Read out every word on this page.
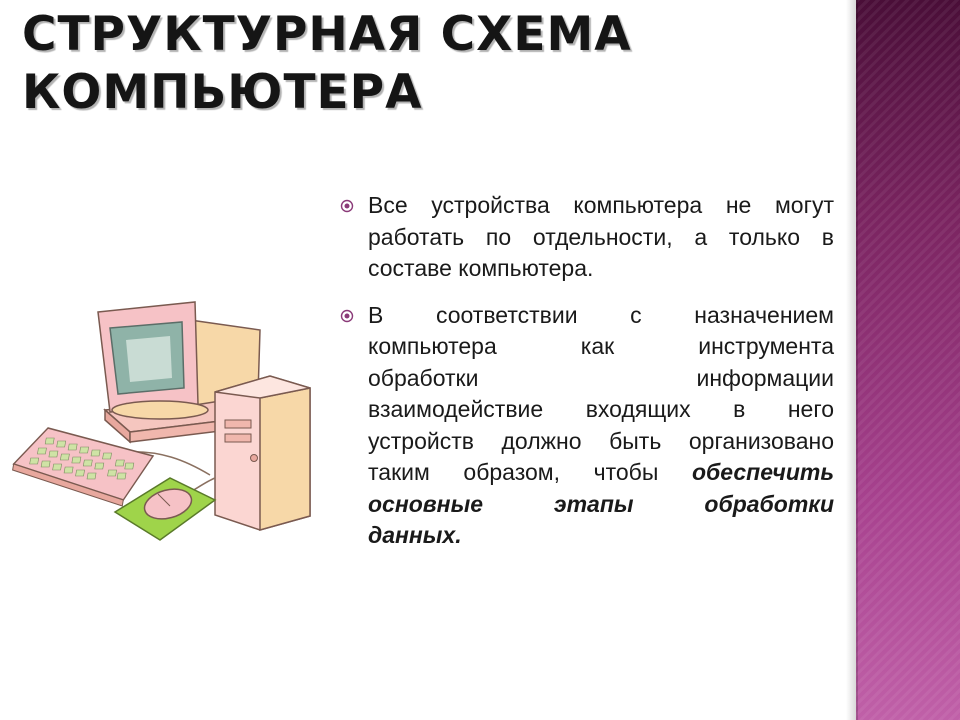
СТРУКТУРНАЯ СХЕМА
КОМПЬЮТЕРА
Все устройства компьютера не могут
работать по отдельности, а только в
составе компьютера.
В соответствии с назначением
компьютера как инструмента
обработки информации
взаимодействие входящих в него
устройств должно быть организовано
таким образом, чтобы обеспечить
основные этапы обработки
данных.
